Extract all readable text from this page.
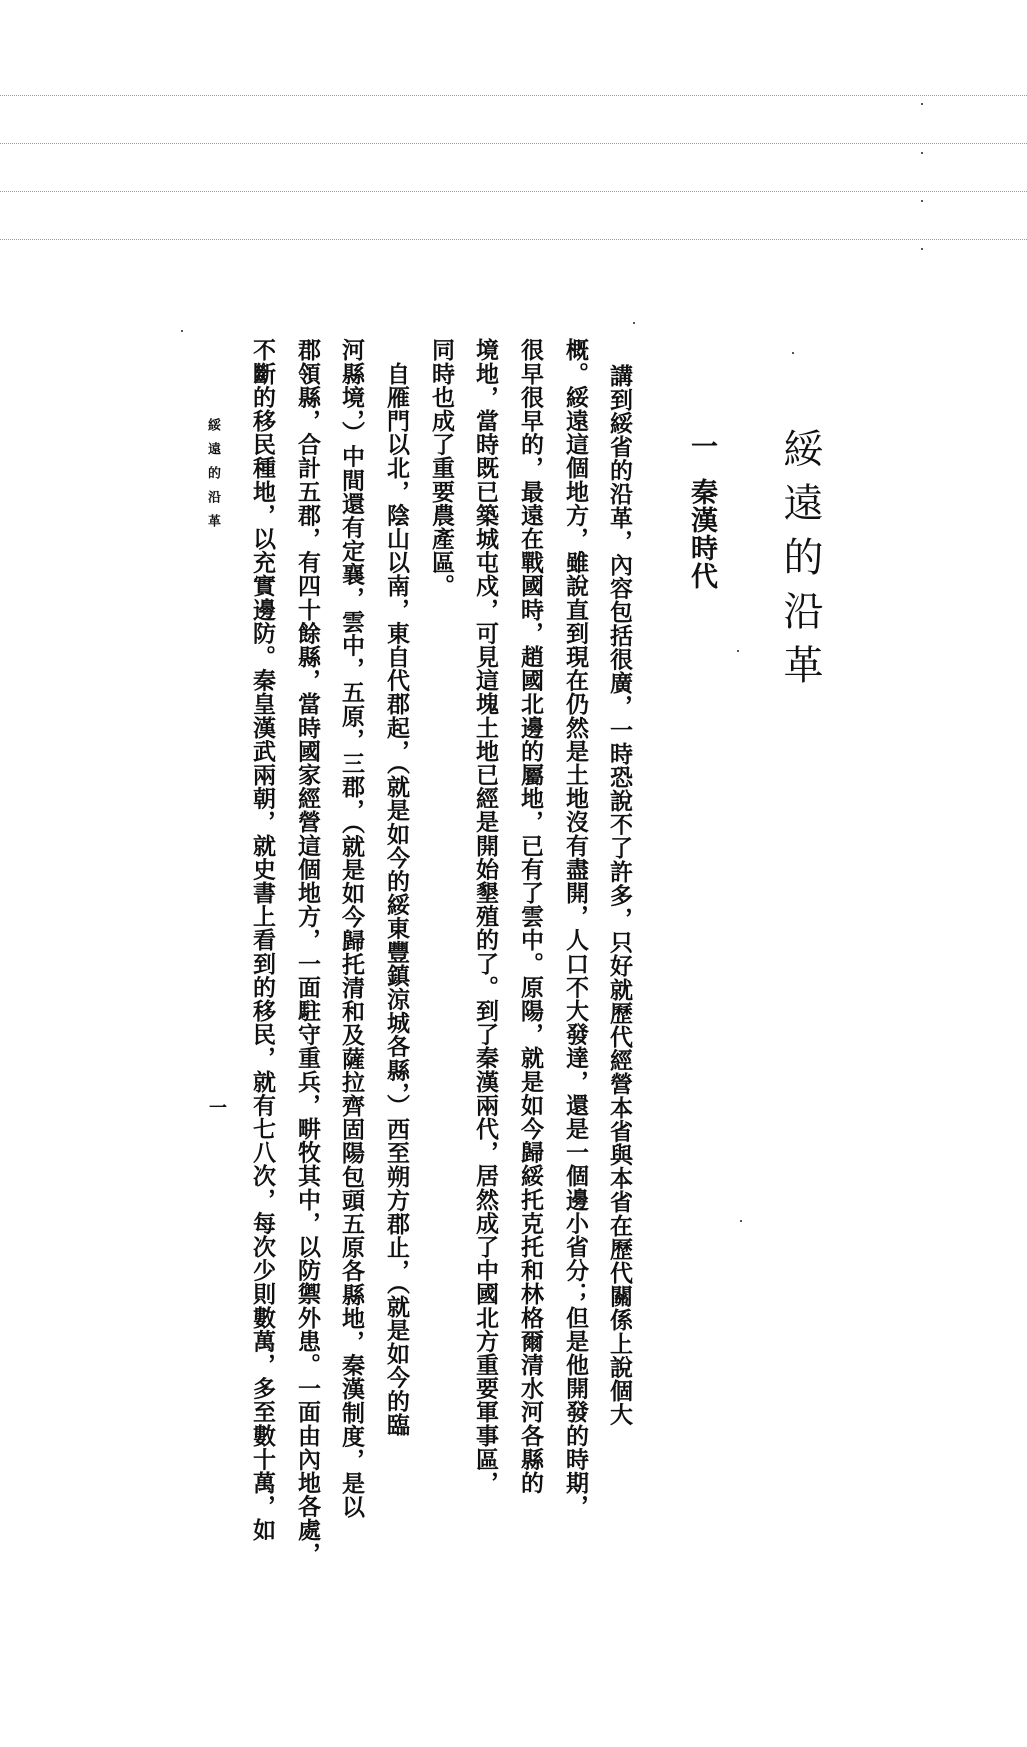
綏遠的沿革
一秦漢時代
講到綏省的沿革，內容包括很廣，一時恐說不了許多，只好就歷代經營本省與本省在歷代關係上說個大
概。綏遠這個地方，雖說直到現在仍然是土地沒有盡開，人口不大發達，還是一個邊小省分；但是他開發的時期，
很早很早的，最遠在戰國時，趙國北邊的屬地，已有了雲中。原陽，就是如今歸綏托克托和林格爾清水河各縣的
境地，當時既已築城屯戍，可見這塊土地已經是開始墾殖的了。到了秦漢兩代，居然成了中國北方重要軍事區，
同時也成了重要農產區。
　自雁門以北，陰山以南，東自代郡起，（就是如今的綏東豐鎮涼城各縣，）西至朔方郡止，（就是如今的臨
河縣境，）中間還有定襄，雲中，五原，三郡，（就是如今歸托清和及薩拉齊固陽包頭五原各縣地，秦漢制度，是以
郡領縣，合計五郡，有四十餘縣，當時國家經營這個地方，一面駐守重兵，畊牧其中，以防禦外患。一面由內地各處，
不斷的移民種地，以充實邊防。秦皇漢武兩朝，就史書上看到的移民，就有七八次，每次少則數萬，多至數十萬，如
綏遠的沿革
一
